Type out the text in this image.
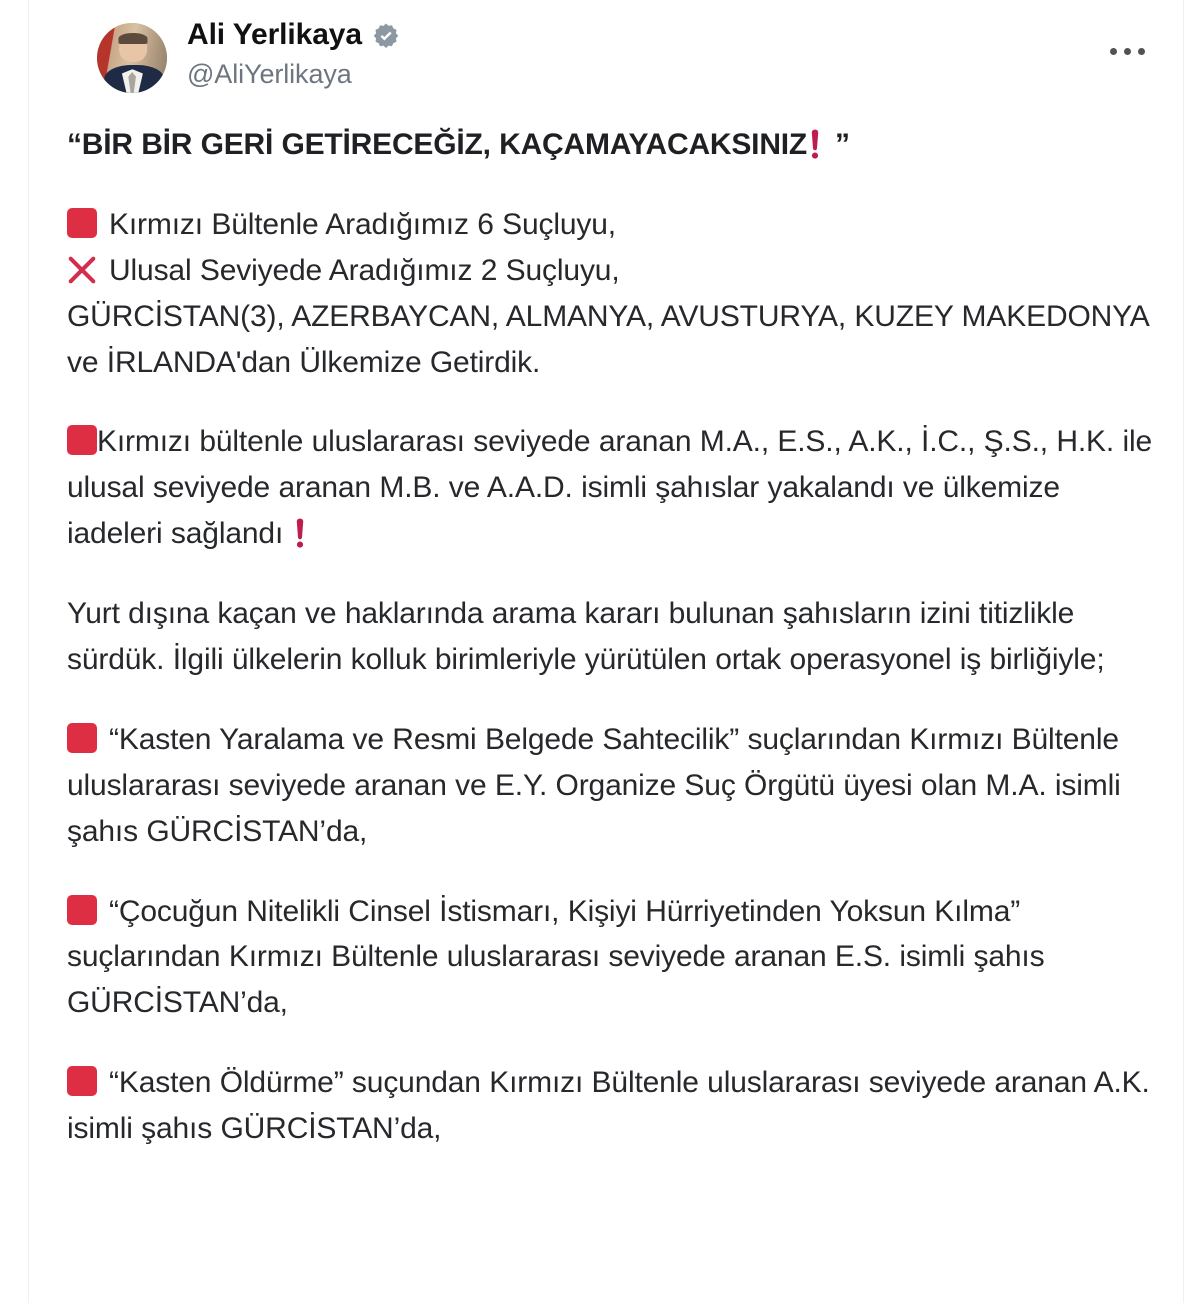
Ali Yerlikaya
@AliYerlikaya

“BİR BİR GERİ GETİRECEĞİZ, KAÇAMAYACAKSINIZ ”

Kırmızı Bültenle Aradığımız 6 Suçluyu,
Ulusal Seviyede Aradığımız 2 Suçluyu,
GÜRCİSTAN(3), AZERBAYCAN, ALMANYA, AVUSTURYA, KUZEY MAKEDONYA ve İRLANDA'dan Ülkemize Getirdik.

Kırmızı bültenle uluslararası seviyede aranan M.A., E.S., A.K., İ.C., Ş.S., H.K. ile ulusal seviyede aranan M.B. ve A.A.D. isimli şahıslar yakalandı ve ülkemize iadeleri sağlandı

Yurt dışına kaçan ve haklarında arama kararı bulunan şahısların izini titizlikle sürdük. İlgili ülkelerin kolluk birimleriyle yürütülen ortak operasyonel iş birliğiyle;

“Kasten Yaralama ve Resmi Belgede Sahtecilik” suçlarından Kırmızı Bültenle uluslararası seviyede aranan ve E.Y. Organize Suç Örgütü üyesi olan M.A. isimli şahıs GÜRCİSTAN’da,

“Çocuğun Nitelikli Cinsel İstismarı, Kişiyi Hürriyetinden Yoksun Kılma” suçlarından Kırmızı Bültenle uluslararası seviyede aranan E.S. isimli şahıs GÜRCİSTAN’da,

“Kasten Öldürme” suçundan Kırmızı Bültenle uluslararası seviyede aranan A.K. isimli şahıs GÜRCİSTAN’da,
